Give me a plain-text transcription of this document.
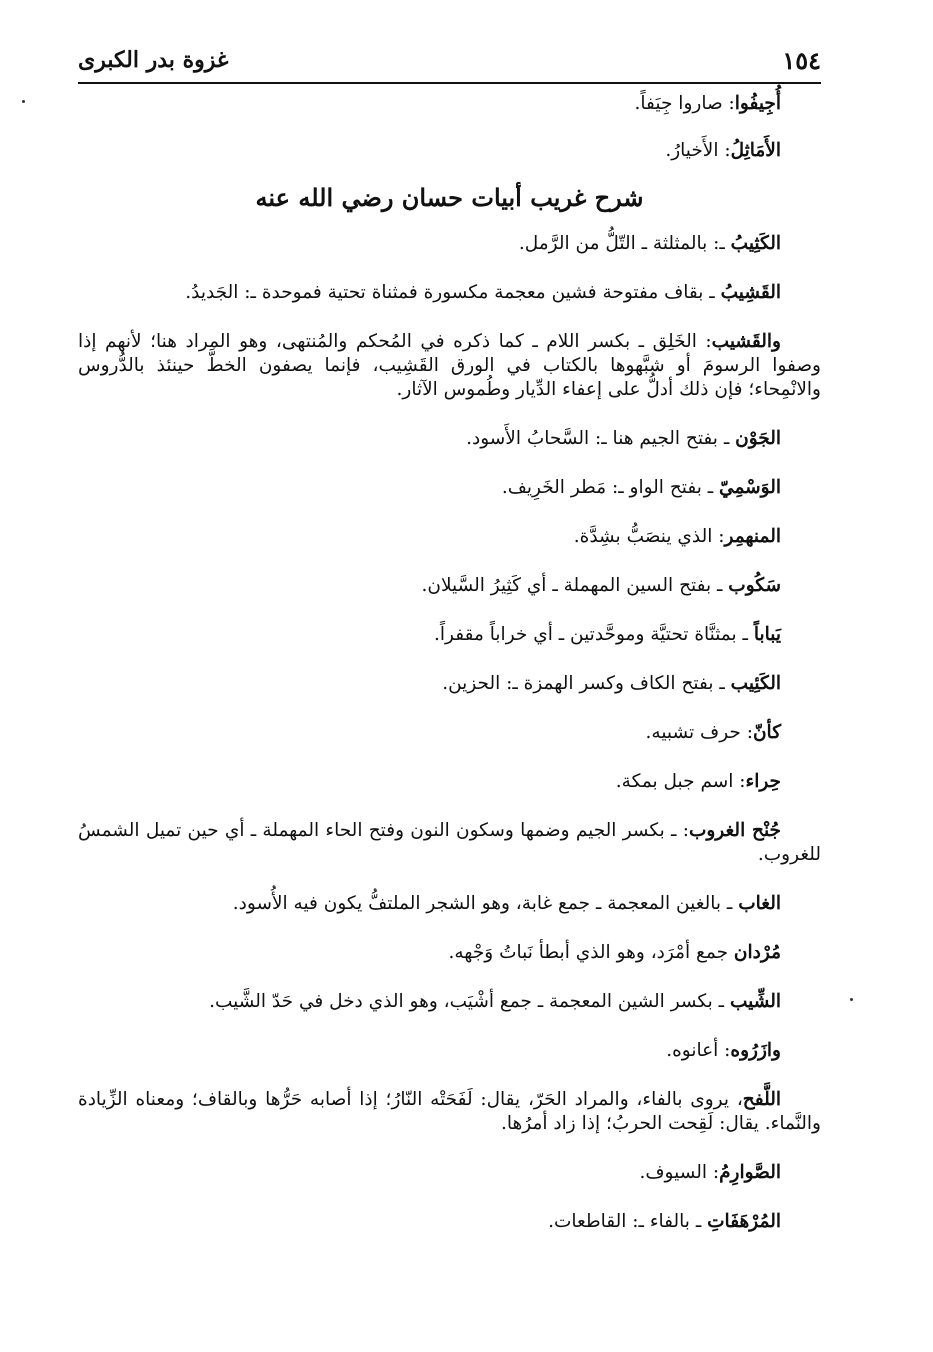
١٥٤
غزوة بدر الكبرى

أُجِيفُوا: صاروا جِيَفاً.

الأَمَاثِلُ: الأَخيارُ.

شرح غريب أبيات حسان رضي الله عنه

الكَثِيبُ ـ: بالمثلثة ـ التّلُّ من الرَّمل.

القَشِيبُ ـ بقاف مفتوحة فشين معجمة مكسورة فمثناة تحتية فموحدة ـ: الجَديدُ.

والقَشيب: الخَلِق ـ بكسر اللام ـ كما ذكره في المُحكم والمُنتهى، وهو المراد هنا؛ لأنهم إذا وصفوا الرسومَ أو شبَّهوها بالكتاب في الورق القَشِيب، فإنما يصفون الخطَّ حينئذ بالدُّروس والانْمِحاء؛ فإن ذلك أدلُّ على إعفاء الدِّيار وطُموس الآثار.

الجَوْن ـ بفتح الجيم هنا ـ: السَّحابُ الأَسود.

الوَسْمِيّ ـ بفتح الواو ـ: مَطر الخَرِيف.

المنهمِر: الذي ينصَبُّ بشِدَّة.

سَكُوب ـ بفتح السين المهملة ـ أي كَثِيرُ السَّيلان.

يَباباً ـ بمثنَّاة تحتيَّة وموحَّدتين ـ أي خراباً مقفراً.

الكَئِيب ـ بفتح الكاف وكسر الهمزة ـ: الحزين.

كأنّ: حرف تشبيه.

حِراء: اسم جبل بمكة.

جُنْح الغروب: ـ بكسر الجيم وضمها وسكون النون وفتح الحاء المهملة ـ أي حين تميل الشمسُ للغروب.

الغاب ـ بالغين المعجمة ـ جمع غابة، وهو الشجر الملتفُّ يكون فيه الأُسود.

مُرْدان جمع أمْرَد، وهو الذي أبطأ نَباتُ وَجْهه.

الشِّيب ـ بكسر الشين المعجمة ـ جمع أشْيَب، وهو الذي دخل في حَدّ الشَّيب.

وازَرُوه: أعانوه.

اللَّفح، يروى بالفاء، والمراد الحَرّ، يقال: لَفَحَتْه النّارُ؛ إذا أصابه حَرُّها وبالقاف؛ ومعناه الزِّيادة والنَّماء. يقال: لَقِحت الحربُ؛ إذا زاد أمرُها.

الصَّوارِمُ: السيوف.

المُرْهَفَاتِ ـ بالفاء ـ: القاطعات.
